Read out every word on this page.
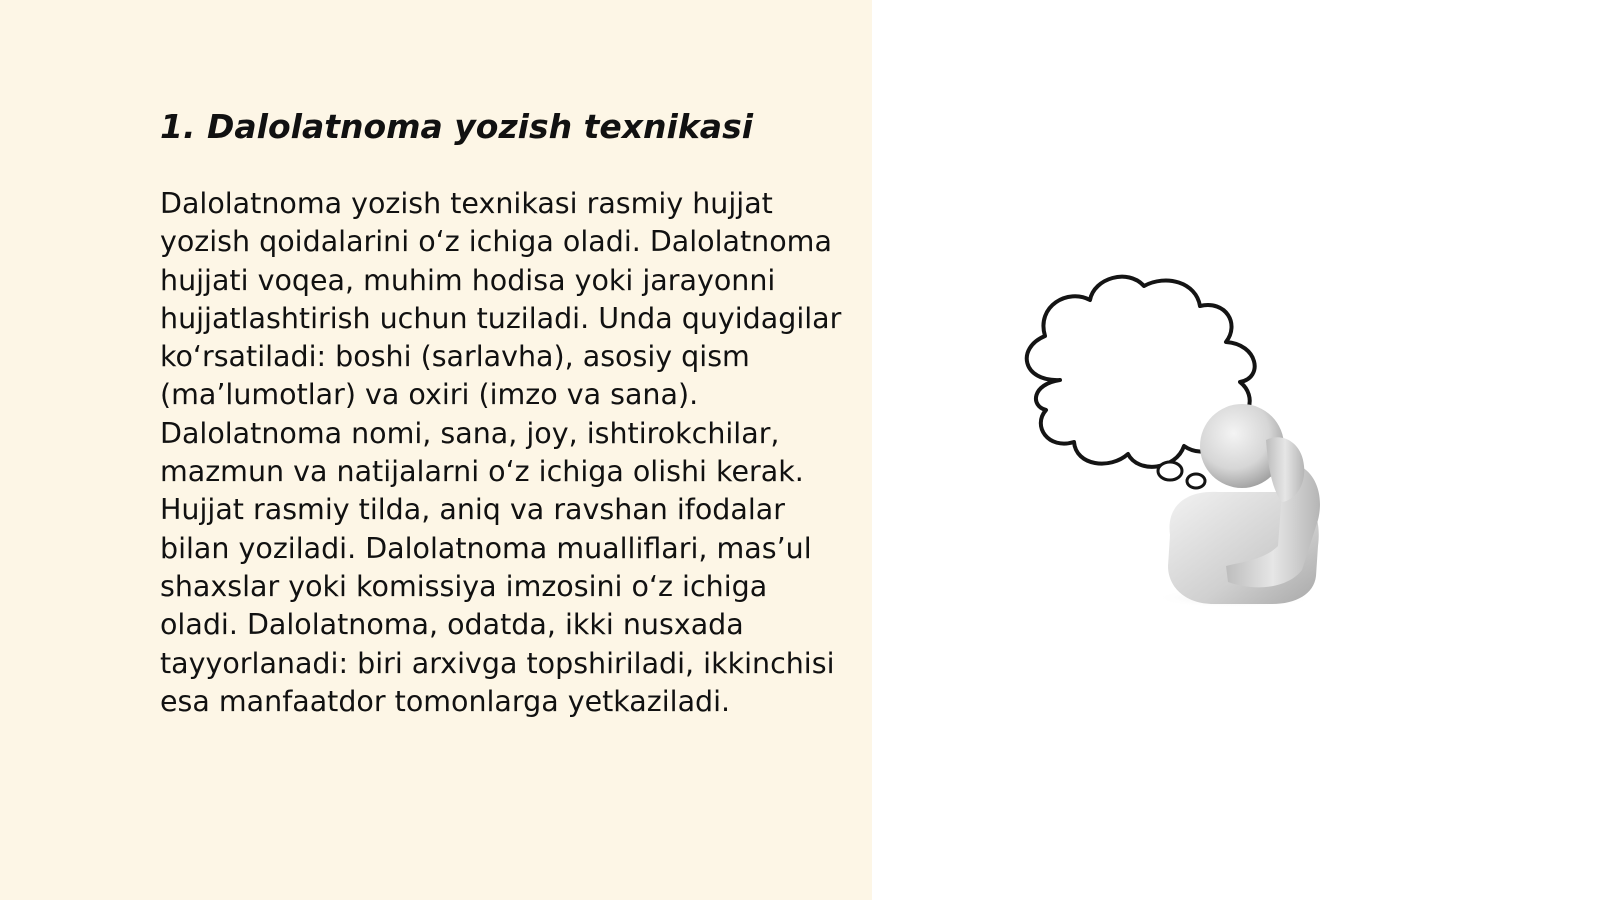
1. Dalolatnoma yozish texnikasi

Dalolatnoma yozish texnikasi rasmiy hujjat yozish qoidalarini o‘z ichiga oladi. Dalolatnoma hujjati voqea, muhim hodisa yoki jarayonni hujjatlashtirish uchun tuziladi. Unda quyidagilar ko‘rsatiladi: boshi (sarlavha), asosiy qism (ma’lumotlar) va oxiri (imzo va sana). Dalolatnoma nomi, sana, joy, ishtirokchilar, mazmun va natijalarni o‘z ichiga olishi kerak. Hujjat rasmiy tilda, aniq va ravshan ifodalar bilan yoziladi. Dalolatnoma mualliflari, mas’ul shaxslar yoki komissiya imzosini o‘z ichiga oladi. Dalolatnoma, odatda, ikki nusxada tayyorlanadi: biri arxivga topshiriladi, ikkinchisi esa manfaatdor tomonlarga yetkaziladi.
